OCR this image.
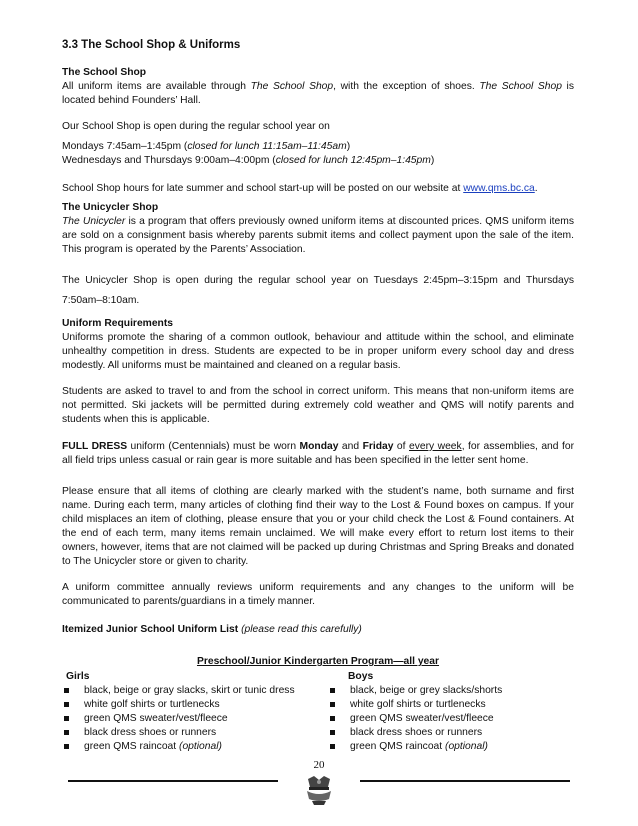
3.3 The School Shop & Uniforms
The School Shop

All uniform items are available through The School Shop, with the exception of shoes. The School Shop is located behind Founders’ Hall.

Our School Shop is open during the regular school year on

Mondays 7:45am–1:45pm (closed for lunch 11:15am–11:45am)

Wednesdays and Thursdays 9:00am–4:00pm (closed for lunch 12:45pm–1:45pm)

School Shop hours for late summer and school start-up will be posted on our website at www.qms.bc.ca.

The Unicycler Shop

The Unicycler is a program that offers previously owned uniform items at discounted prices. QMS uniform items are sold on a consignment basis whereby parents submit items and collect payment upon the sale of the item. This program is operated by the Parents’ Association.

The Unicycler Shop is open during the regular school year on Tuesdays 2:45pm–3:15pm and Thursdays 7:50am–8:10am.

Uniform Requirements

Uniforms promote the sharing of a common outlook, behaviour and attitude within the school, and eliminate unhealthy competition in dress. Students are expected to be in proper uniform every school day and dress modestly. All uniforms must be maintained and cleaned on a regular basis.

Students are asked to travel to and from the school in correct uniform. This means that non-uniform items are not permitted. Ski jackets will be permitted during extremely cold weather and QMS will notify parents and students when this is applicable.

FULL DRESS uniform (Centennials) must be worn Monday and Friday of every week, for assemblies, and for all field trips unless casual or rain gear is more suitable and has been specified in the letter sent home.

Please ensure that all items of clothing are clearly marked with the student’s name, both surname and first name. During each term, many articles of clothing find their way to the Lost & Found boxes on campus. If your child misplaces an item of clothing, please ensure that you or your child check the Lost & Found containers. At the end of each term, many items remain unclaimed. We will make every effort to return lost items to their owners, however, items that are not claimed will be packed up during Christmas and Spring Breaks and donated to The Unicycler store or given to charity.

A uniform committee annually reviews uniform requirements and any changes to the uniform will be communicated to parents/guardians in a timely manner.

Itemized Junior School Uniform List (please read this carefully)

Preschool/Junior Kindergarten Program—all year
Girls
black, beige or gray slacks, skirt or tunic dress
white golf shirts or turtlenecks
green QMS sweater/vest/fleece
black dress shoes or runners
green QMS raincoat (optional)
Boys
black, beige or grey slacks/shorts
white golf shirts or turtlenecks
green QMS sweater/vest/fleece
black dress shoes or runners
green QMS raincoat (optional)
20
